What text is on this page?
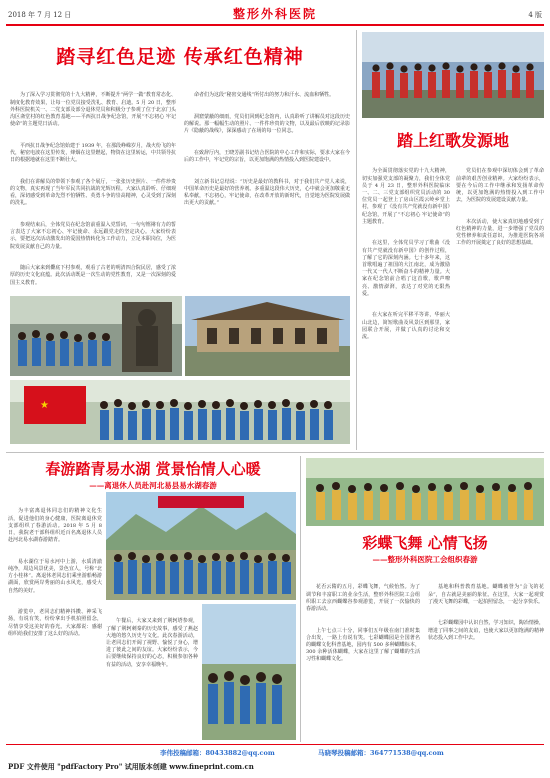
2018 年 7 月 12 日	整形外科医院	4 版
踏寻红色足迹 传承红色精神

为了深入学习贯彻党的十九大精神，不断提升“两学一做”教育常态化、制度化教育效果，让每一位党员接受洗礼、教育、启迪。5 月 20 日，整形外科医院机关一、二党支部及部分退休党员和积极分子参观了位于北京门头沟区斋堂村的红色教育基地——平西抗日战争纪念馆，开展“不忘初心 牢记使命”的主题党日活动。

平西抗日战争纪念馆始建于 1939 年，在那段峥嵘岁月，战火纷飞的年代，秘密电波在这里传发，烽烟在这里燃起，物资在这里转运，中共领导抗日的根据地就在这里不断壮大。

我们在讲解员的带领下参观了各个展厅，一张张历史照片、一件件珍贵的文物，真实再现了当年军民共同抗战的光辉历程。大家认真聆听、仔细观看，深切感受到革命先烈不怕牺牲、英勇斗争的崇高精神，心灵受到了深刻的洗礼。

参观结束后，全体党员在纪念馆前重温入党誓词，一句句铿锵有力的誓言表达了大家不忘初心、牢记使命、永远跟党走的坚定决心。大家纷纷表示，要把这次活动激发出的爱国热情转化为工作动力，立足本职岗位，为医院发展贡献自己的力量。

随后大家来到爨底下村参观，观看了古老的明清四合院民居，感受了浓厚的历史文化底蕴。此次活动既是一次生动的党性教育，又是一次深刻的爱国主义教育。

命者们为这段“秘密交通线”所付出的努力和汗水、流血和牺牲。

洞窟蒙蔽的细雨，党员们回到纪念馆内，认真聆听了讲解员对这段历史的解说。那一幅幅生动的照片、一件件珍贵的文物，以及最后放映的记录影片《隐蔽的战线》，深深感动了在场的每一位同志。

在致辞厅内，王晓芳副书记结合医院的中心工作和实际，要求大家在今后的工作中，牢记党的宗旨，以更加饱满的热情投入到医院建设中。

刘立新书记总结说：“历史是最好的教科书，对于我们共产党人来说，中国革命历史是最好的营养剂。多重温这段伟大历史，心中就会更加敬重无私奉献，不忘初心，牢记使命，在改革开放的新时代，自觉地为医院发展做出更大的贡献。”

★
踏上红歌发源地

为全面贯彻落实党的十九大精神，切实加强党支部的凝聚力，我们全体党员于 4 月 23 日，整形外科医院临床一、二、三党支部组织党员活动的 30 位党员一起登上了房山区霞云岭乡堂上村，参观了《没有共产党就没有新中国》纪念馆，开展了“不忘初心 牢记使命”的主题教育。

在这里，全体党员学习了歌曲《没有共产党就没有新中国》的创作过程，了解了它的深刻内涵。七十多年来，这首歌唱遍了祖国的大江南北，成为激励一代又一代人不断奋斗的精神力量。大家在纪念馆前合唱了这首歌，歌声嘹亮、激情澎湃，表达了对党的无限热爱。

在大家在听完平移平等讲，华丽大山北边，简短歌曲及风景区到那里，家园联合开展，并做了认真的讨论和交流。

党员们在参观中深切体会到了革命前辈的艰苦创业精神。大家纷纷表示，要在今后的工作中继承和发扬革命传统，以更加饱满的热情投入到工作中去，为医院的发展建设贡献力量。

本次活动，使大家真切地感受到了红色精神的力量，进一步增强了党员的党性修养和责任意识，为推进医院各项工作的开展奠定了良好的思想基础。

春游踏青易水湖 赏景怡情人心暖
——离退休人员赴河北易县易水湖春游

为丰富离退休同志们的精神文化生活，促进他们的身心健康，医院离退休党支部组织了春游活动。2018 年 5 月 8 日，我院老干部科组织近百名离退休人员赴河北易水湖春游踏青。

易水湖位于易水河中上游，水质清澈纯净，周边风景优美，景色宜人，号称“北方小桂林”。离退休老同志们乘坐游船畅游湖面，欣赏两岸秀丽的山水风光，感受大自然的美好。

游览中，老同志们精神抖擞、神采飞扬，有说有笑，纷纷拿出手机拍照留念，尽情享受这美好的春光。大家都说：感谢组织给我们安排了这么好的活动。

午餐后，大家又来到了荆轲塔参观，了解了荆轲刺秦的历史故事，感受了燕赵大地的悠久历史与文化。此次春游活动，让老同志们开阔了视野、愉悦了身心，增进了彼此之间的友谊。大家纷纷表示，今后要继续保持良好的心态，积极参加各种有益的活动，安享幸福晚年。

彩蝶飞舞 心情飞扬
——整形外科医院工会组织春游

花否云隋的五月，彩蝶飞舞，气候怡然。为了调节和丰富职工的业余生活，整形外科医院工会组织职工去京西蝴蝶谷参观游览，开展了一次愉快的春游活动。

上午七点三十分，同事们五年级在南门准时集合出发，一路上有说有笑。七彩蝴蝶园是全国著名的蝴蝶文化科普基地，园内有 500 多种蝴蝶标本，300 余种活体蝴蝶，大家在这里了解了蝴蝶的生活习性和蝴蝶文化。

基地和科普教育基地。蝴蝶被誉为“会飞的花朵”，自古就是美丽的象征。在这里，大家一起观赏了漫天飞舞的彩蝶，一起拍照留念，一起分享快乐。

七彩蝴蝶园中认识自然，学习知识，陶冶情操，增进了同事之间的友谊，也使大家以更加饱满的精神状态投入到工作中去。

李伟投稿邮箱：80433882@qq.com	马晓琴投稿邮箱：364771538@qq.com
PDF 文件使用 "pdfFactory Pro" 试用版本创建 www.fineprint.com.cn
